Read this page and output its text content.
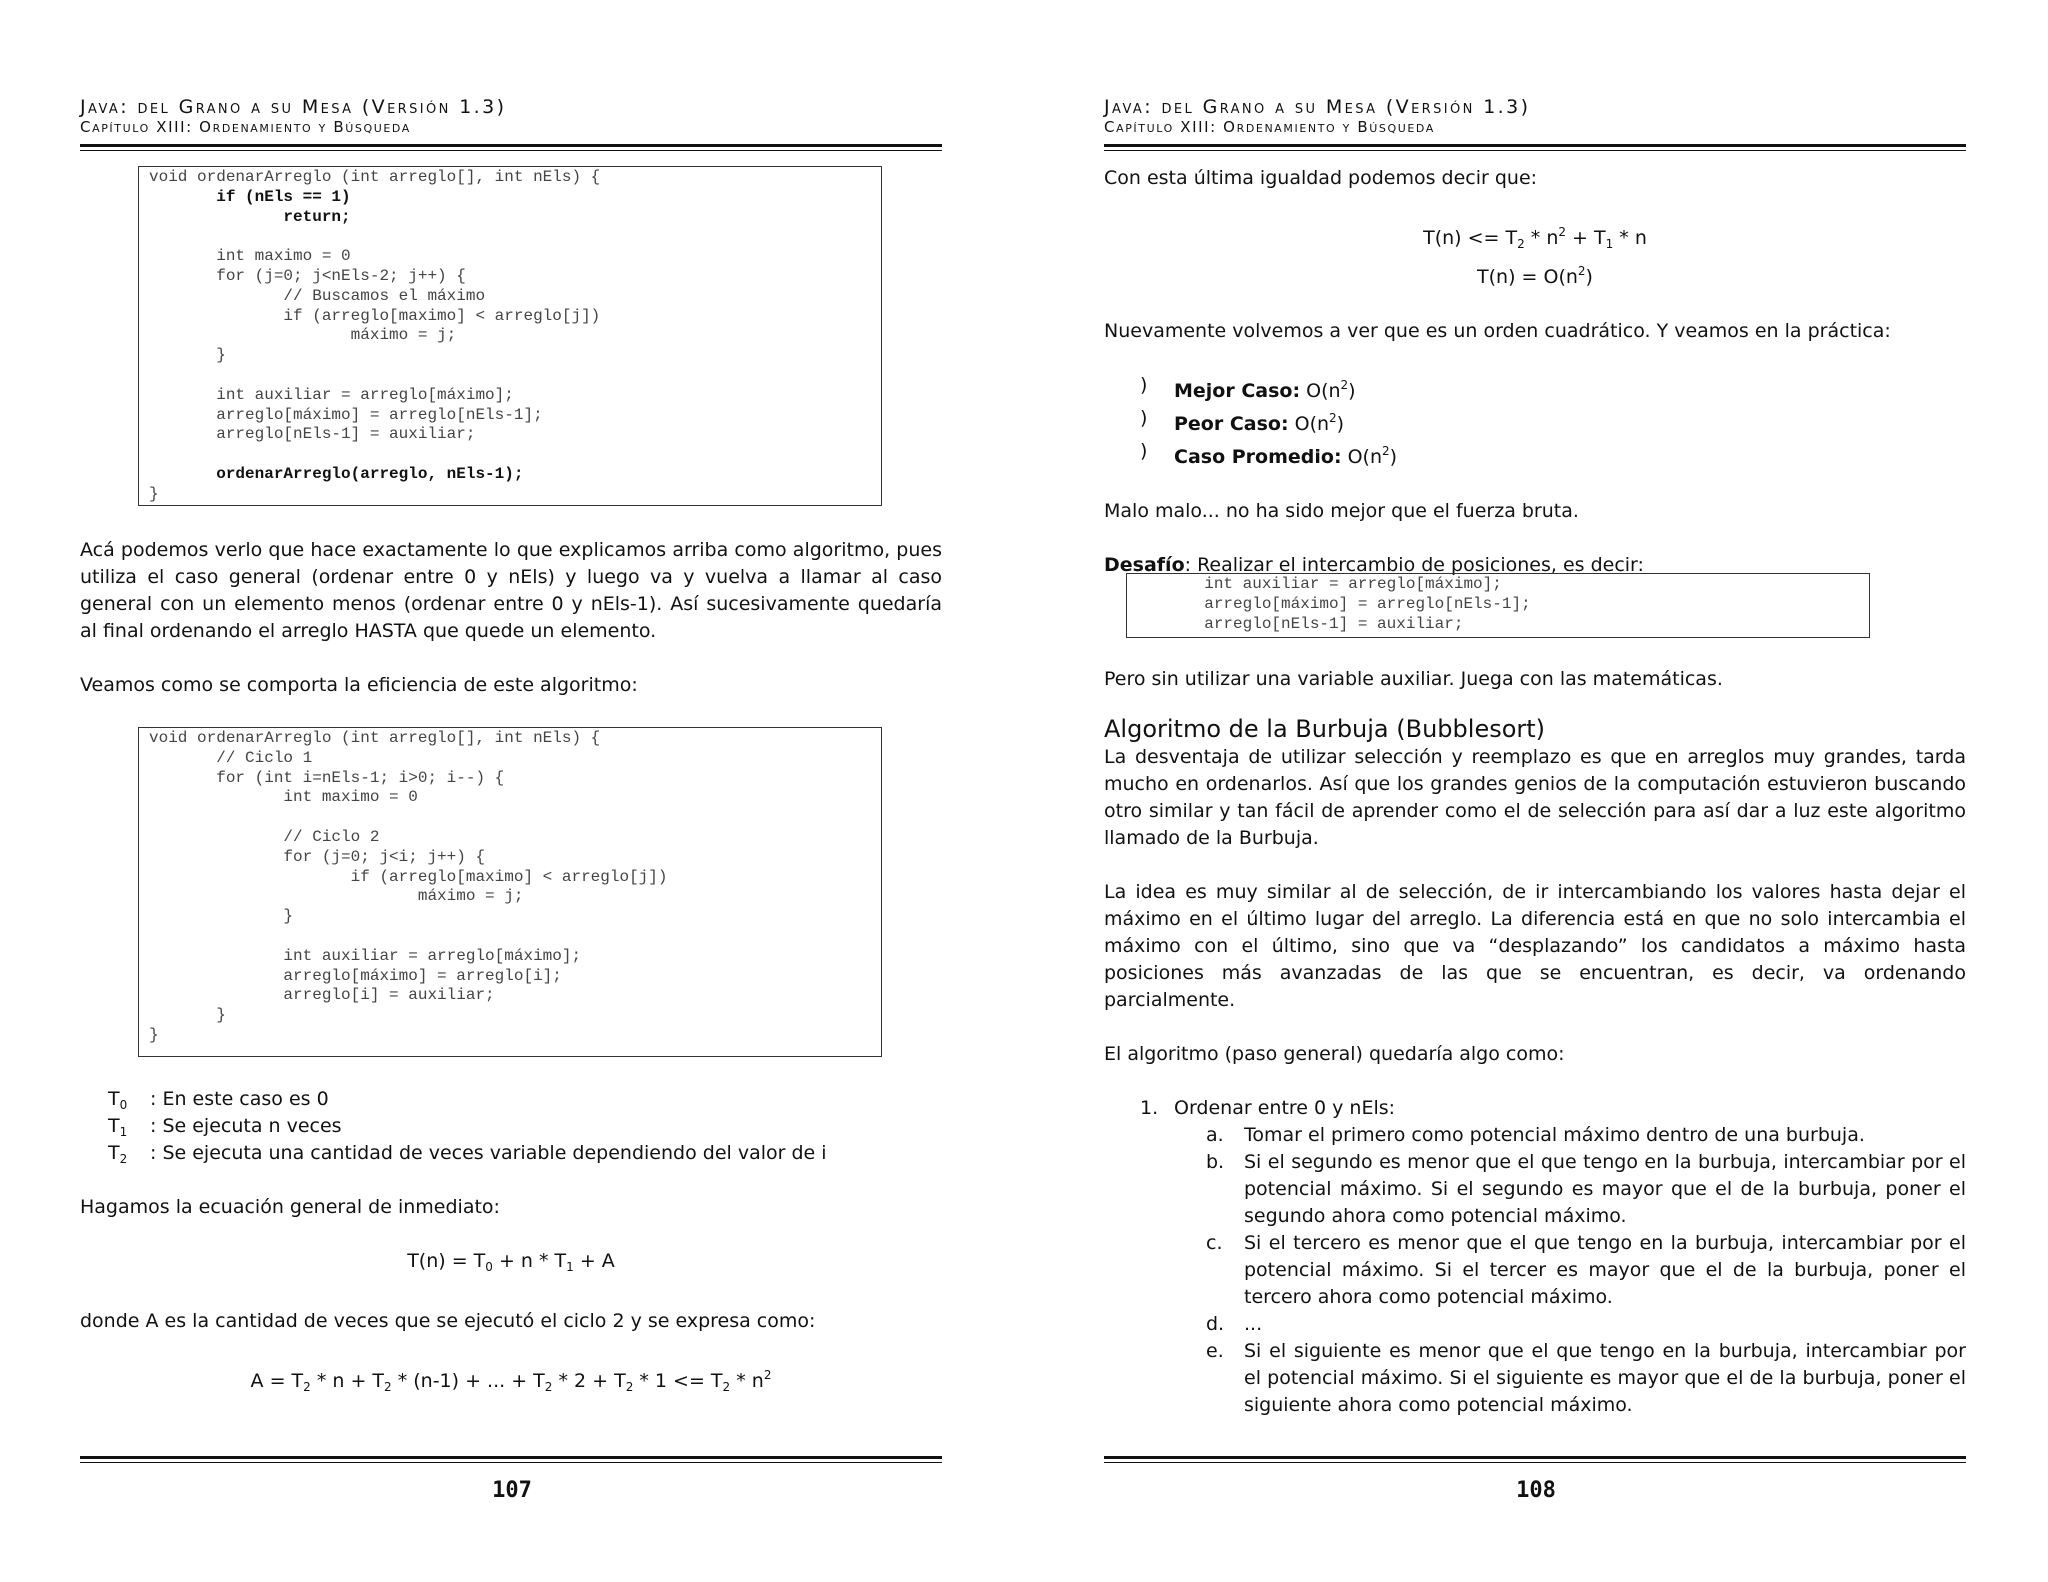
Java: del Grano a su Mesa (Versión 1.3)
Capítulo XIII: Ordenamiento y Búsqueda
void ordenarArreglo (int arreglo[], int nEls) {
if (nEls == 1)
return;

int maximo = 0
for (j=0; j<nEls-2; j++) {
// Buscamos el máximo
if (arreglo[maximo] < arreglo[j])
máximo = j;
}

int auxiliar = arreglo[máximo];
arreglo[máximo] = arreglo[nEls-1];
arreglo[nEls-1] = auxiliar;

ordenarArreglo(arreglo, nEls-1);
}

Acá podemos verlo que hace exactamente lo que explicamos arriba como algoritmo, pues utiliza el caso general (ordenar entre 0 y nEls) y luego va y vuelva a llamar al caso general con un elemento menos (ordenar entre 0 y nEls-1). Así sucesivamente quedaría al final ordenando el arreglo HASTA que quede un elemento.

Veamos como se comporta la eficiencia de este algoritmo:

void ordenarArreglo (int arreglo[], int nEls) {
// Ciclo 1
for (int i=nEls-1; i>0; i--) {
int maximo = 0

// Ciclo 2
for (j=0; j<i; j++) {
if (arreglo[maximo] < arreglo[j])
máximo = j;
}

int auxiliar = arreglo[máximo];
arreglo[máximo] = arreglo[i];
arreglo[i] = auxiliar;
}
}
$T_0$ : En este caso es 0
$T_1$ : Se ejecuta n veces
$T_2$ : Se ejecuta una cantidad de veces variable dependiendo del valor de i

Hagamos la ecuación general de inmediato:

$T(n) = T_0 + n * T_1 + A$

donde A es la cantidad de veces que se ejecutó el ciclo 2 y se expresa como:

$A = T_2 * n + T_2 * (n-1)$ + ... + $T_2 * 2 + T_2 * 1 <= T_2 * n^2$

107
Java: del Grano a su Mesa (Versión 1.3)
Capítulo XIII: Ordenamiento y Búsqueda

Con esta última igualdad podemos decir que:

$T(n) <= T_2 * n^2 + T_1 * n$

$T(n) = O(n^2)$

Nuevamente volvemos a ver que es un orden cuadrático. Y veamos en la práctica:

) Mejor Caso: $O(n^2)$
) Peor Caso: $O(n^2)$
) Caso Promedio: $O(n^2)$

Malo malo... no ha sido mejor que el fuerza bruta.

Desafío: Realizar el intercambio de posiciones, es decir:

int auxiliar = arreglo[máximo];
arreglo[máximo] = arreglo[nEls-1];
arreglo[nEls-1] = auxiliar;

Pero sin utilizar una variable auxiliar. Juega con las matemáticas.

Algoritmo de la Burbuja (Bubblesort)

La desventaja de utilizar selección y reemplazo es que en arreglos muy grandes, tarda mucho en ordenarlos. Así que los grandes genios de la computación estuvieron buscando otro similar y tan fácil de aprender como el de selección para así dar a luz este algoritmo llamado de la Burbuja.

La idea es muy similar al de selección, de ir intercambiando los valores hasta dejar el máximo en el último lugar del arreglo. La diferencia está en que no solo intercambia el máximo con el último, sino que va “desplazando” los candidatos a máximo hasta posiciones más avanzadas de las que se encuentran, es decir, va ordenando parcialmente.

El algoritmo (paso general) quedaría algo como:

1. Ordenar entre 0 y nEls:
a. Tomar el primero como potencial máximo dentro de una burbuja.
b. Si el segundo es menor que el que tengo en la burbuja, intercambiar por el potencial máximo. Si el segundo es mayor que el de la burbuja, poner el segundo ahora como potencial máximo.
c. Si el tercero es menor que el que tengo en la burbuja, intercambiar por el potencial máximo. Si el tercer es mayor que el de la burbuja, poner el tercero ahora como potencial máximo.
d. ...
e. Si el siguiente es menor que el que tengo en la burbuja, intercambiar por el potencial máximo. Si el siguiente es mayor que el de la burbuja, poner el siguiente ahora como potencial máximo.
108
